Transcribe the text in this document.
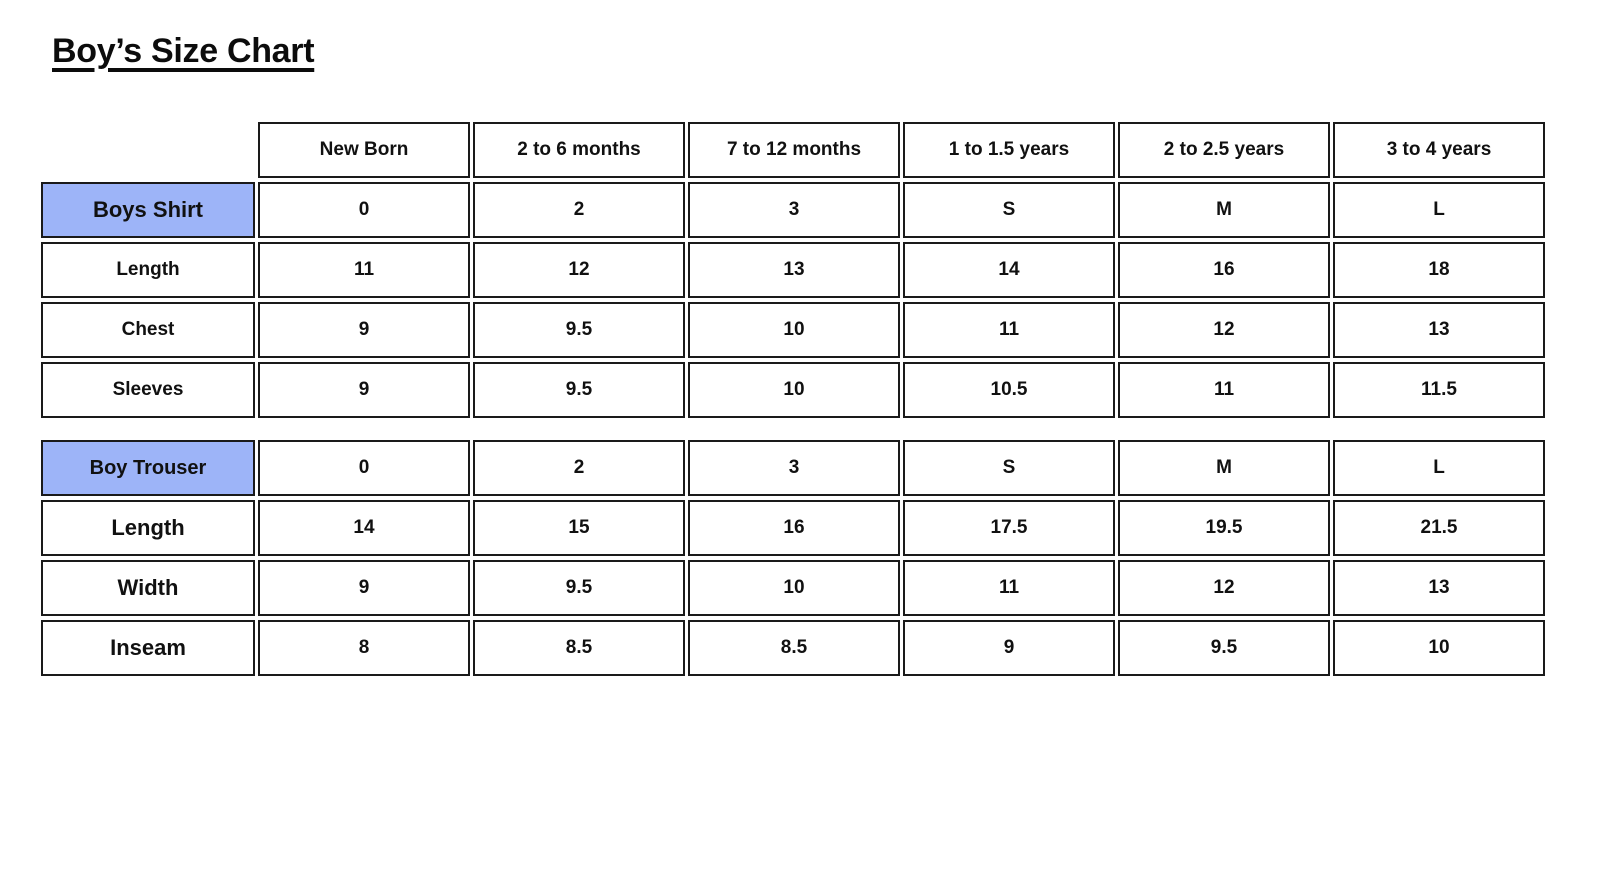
Boy’s Size Chart
	New Born	2 to 6 months	7 to 12 months	1 to 1.5 years	2 to 2.5 years	3 to 4 years
Boys Shirt	0	2	3	S	M	L
Length	11	12	13	14	16	18
Chest	9	9.5	10	11	12	13
Sleeves	9	9.5	10	10.5	11	11.5

Boy Trouser	0	2	3	S	M	L
Length	14	15	16	17.5	19.5	21.5
Width	9	9.5	10	11	12	13
Inseam	8	8.5	8.5	9	9.5	10
